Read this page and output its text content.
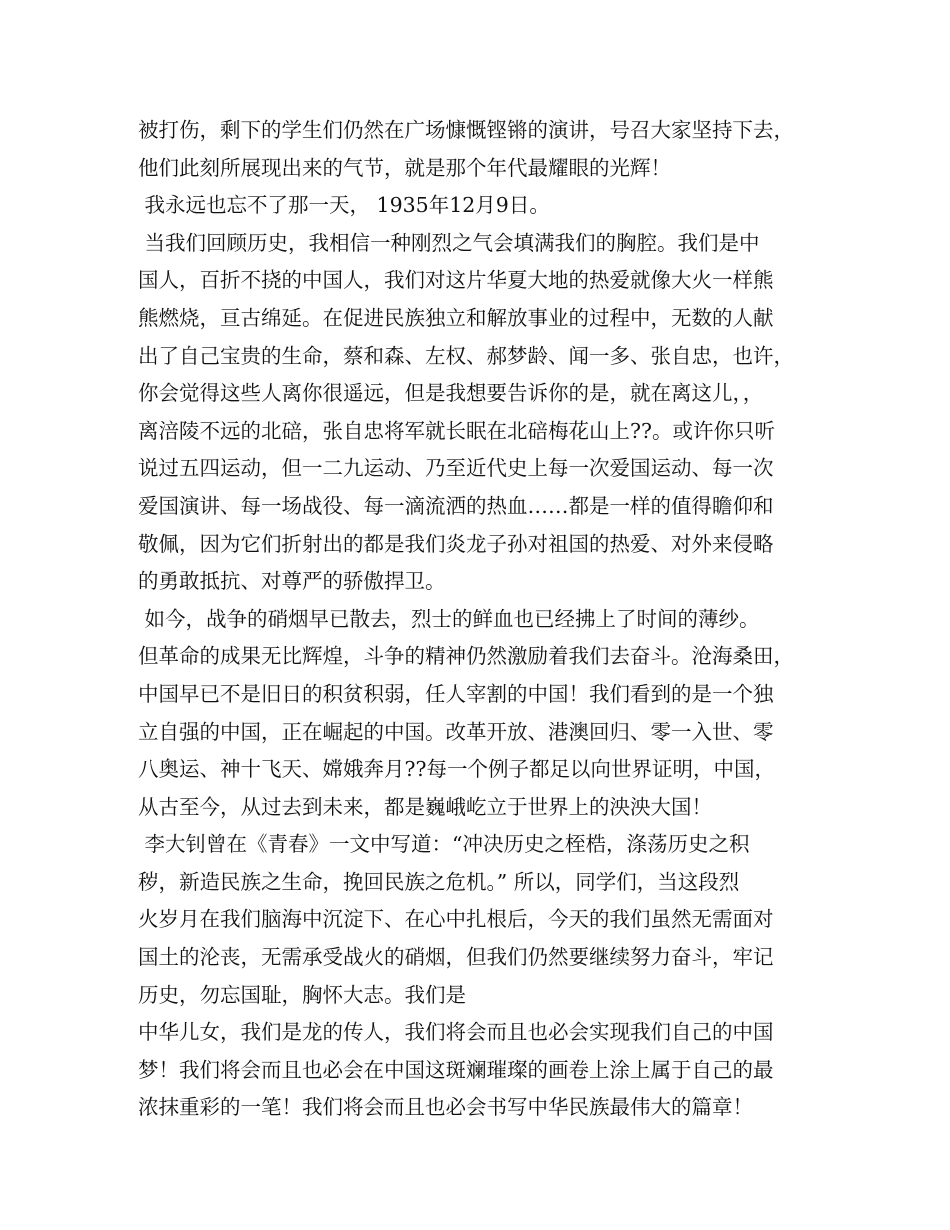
被打伤，剩下的学生们仍然在广场慷慨铿锵的演讲，号召大家坚持下去，
他们此刻所展现出来的气节，就是那个年代最耀眼的光辉！
我永远也忘不了那一天， 1935年12月9日。
当我们回顾历史，我相信一种刚烈之气会填满我们的胸腔。我们是中
国人，百折不挠的中国人，我们对这片华夏大地的热爱就像大火一样熊
熊燃烧，亘古绵延。在促进民族独立和解放事业的过程中，无数的人献
出了自己宝贵的生命，蔡和森、左权、郝梦龄、闻一多、张自忠，也许，
你会觉得这些人离你很遥远，但是我想要告诉你的是，就在离这儿，，
离涪陵不远的北碚，张自忠将军就长眠在北碚梅花山上??。或许你只听
说过五四运动，但一二九运动、乃至近代史上每一次爱国运动、每一次
爱国演讲、每一场战役、每一滴流洒的热血……都是一样的值得瞻仰和
敬佩，因为它们折射出的都是我们炎龙子孙对祖国的热爱、对外来侵略
的勇敢抵抗、对尊严的骄傲捍卫。
如今，战争的硝烟早已散去，烈士的鲜血也已经拂上了时间的薄纱。
但革命的成果无比辉煌，斗争的精神仍然激励着我们去奋斗。沧海桑田，
中国早已不是旧日的积贫积弱，任人宰割的中国！我们看到的是一个独
立自强的中国，正在崛起的中国。改革开放、港澳回归、零一入世、零
八奥运、神十飞天、嫦娥奔月??每一个例子都足以向世界证明，中国，
从古至今，从过去到未来，都是巍峨屹立于世界上的泱泱大国！
李大钊曾在《青春》一文中写道：“冲决历史之桎梏，涤荡历史之积
秽，新造民族之生命，挽回民族之危机。” 所以，同学们，当这段烈
火岁月在我们脑海中沉淀下、在心中扎根后，今天的我们虽然无需面对
国土的沦丧，无需承受战火的硝烟，但我们仍然要继续努力奋斗，牢记
历史，勿忘国耻，胸怀大志。我们是
中华儿女，我们是龙的传人，我们将会而且也必会实现我们自己的中国
梦！我们将会而且也必会在中国这斑斓璀璨的画卷上涂上属于自己的最
浓抹重彩的一笔！我们将会而且也必会书写中华民族最伟大的篇章！
